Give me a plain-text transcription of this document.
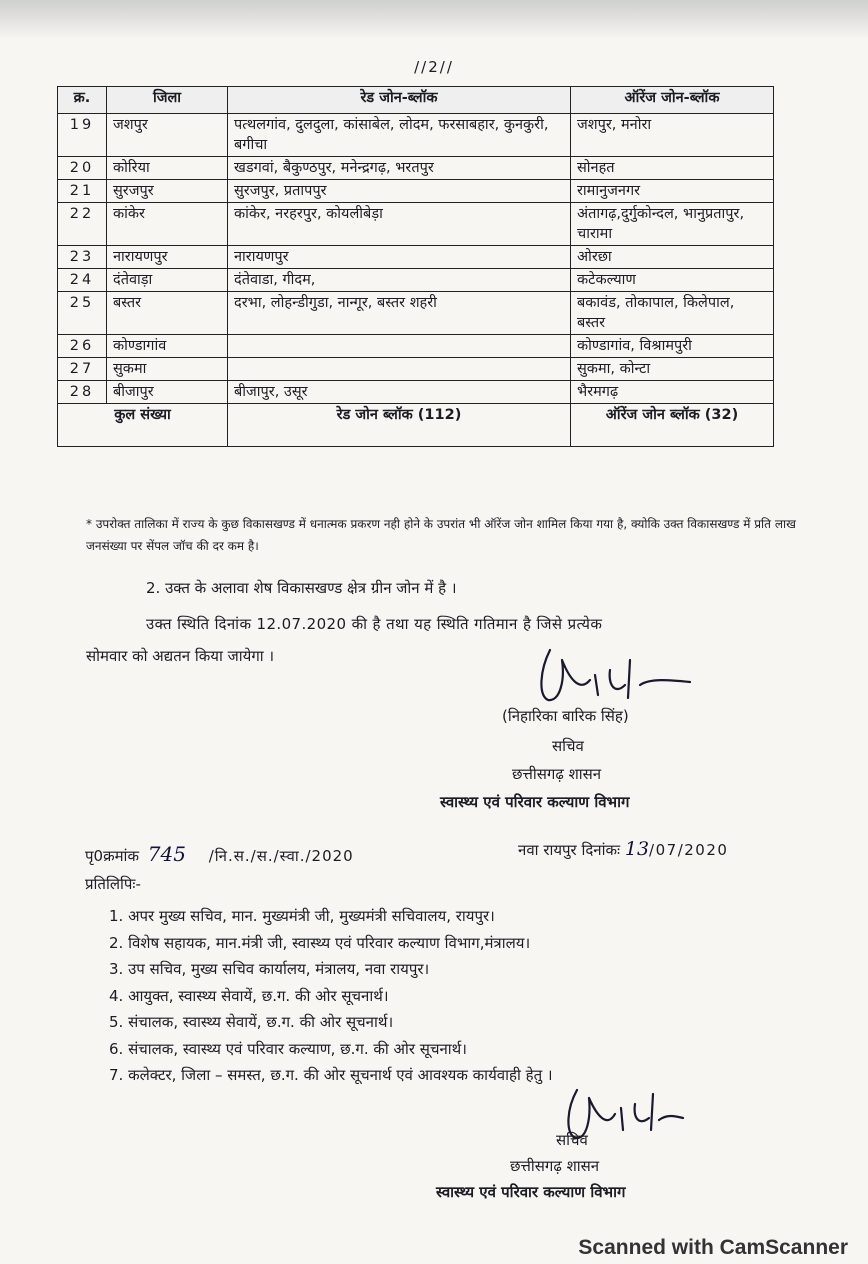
//2//
क्र.	जिला	रेड जोन-ब्लॉक	ऑरेंज जोन-ब्लॉक
19	जशपुर	पत्थलगांव, दुलदुला, कांसाबेल, लोदम, फरसाबहार, कुनकुरी, बगीचा	जशपुर, मनोरा
20	कोरिया	खडगवां, बैकुण्ठपुर, मनेन्द्रगढ़, भरतपुर	सोनहत
21	सुरजपुर	सुरजपुर, प्रतापपुर	रामानुजनगर
22	कांकेर	कांकेर, नरहरपुर, कोयलीबेड़ा	अंतागढ़,दुर्गुकोन्दल, भानुप्रतापुर, चारामा
23	नारायणपुर	नारायणपुर	ओरछा
24	दंतेवाड़ा	दंतेवाडा, गीदम,	कटेकल्याण
25	बस्तर	दरभा, लोहन्डीगुडा, नान्गूर, बस्तर शहरी	बकावंड, तोकापाल, किलेपाल, बस्तर
26	कोण्डागांव		कोण्डागांव, विश्रामपुरी
27	सुकमा		सुकमा, कोन्टा
28	बीजापुर	बीजापुर, उसूर	भैरमगढ़
कुल संख्या		रेड जोन ब्लॉक (112)	ऑरेंज जोन ब्लॉक (32)
* उपरोक्त तालिका में राज्य के कुछ विकासखण्ड में धनात्मक प्रकरण नही होने के उपरांत भी ऑरेंज जोन शामिल किया गया है, क्योकि उक्त विकासखण्ड में प्रति लाख जनसंख्या पर सेंपल जॉच की दर कम है।
2. उक्त के अलावा शेष विकासखण्ड क्षेत्र ग्रीन जोन में है ।
उक्त स्थिति दिनांक 12.07.2020 की है तथा यह स्थिति गतिमान है जिसे प्रत्येक
सोमवार को अद्यतन किया जायेगा ।
(निहारिका बारिक सिंह)
सचिव
छत्तीसगढ़ शासन
स्वास्थ्य एवं परिवार कल्याण विभाग
पृ0क्रमांक 745 /नि.स./स./स्वा./2020	नवा रायपुर दिनांकः 13/07/2020
प्रतिलिपिः-
1. अपर मुख्य सचिव, मान. मुख्यमंत्री जी, मुख्यमंत्री सचिवालय, रायपुर।
2. विशेष सहायक, मान.मंत्री जी, स्वास्थ्य एवं परिवार कल्याण विभाग,मंत्रालय।
3. उप सचिव, मुख्य सचिव कार्यालय, मंत्रालय, नवा रायपुर।
4. आयुक्त, स्वास्थ्य सेवायें, छ.ग. की ओर सूचनार्थ।
5. संचालक, स्वास्थ्य सेवायें, छ.ग. की ओर सूचनार्थ।
6. संचालक, स्वास्थ्य एवं परिवार कल्याण, छ.ग. की ओर सूचनार्थ।
7. कलेक्टर, जिला – समस्त, छ.ग. की ओर सूचनार्थ एवं आवश्यक कार्यवाही हेतु ।
सचिव
छत्तीसगढ़ शासन
स्वास्थ्य एवं परिवार कल्याण विभाग
Scanned with CamScanner
